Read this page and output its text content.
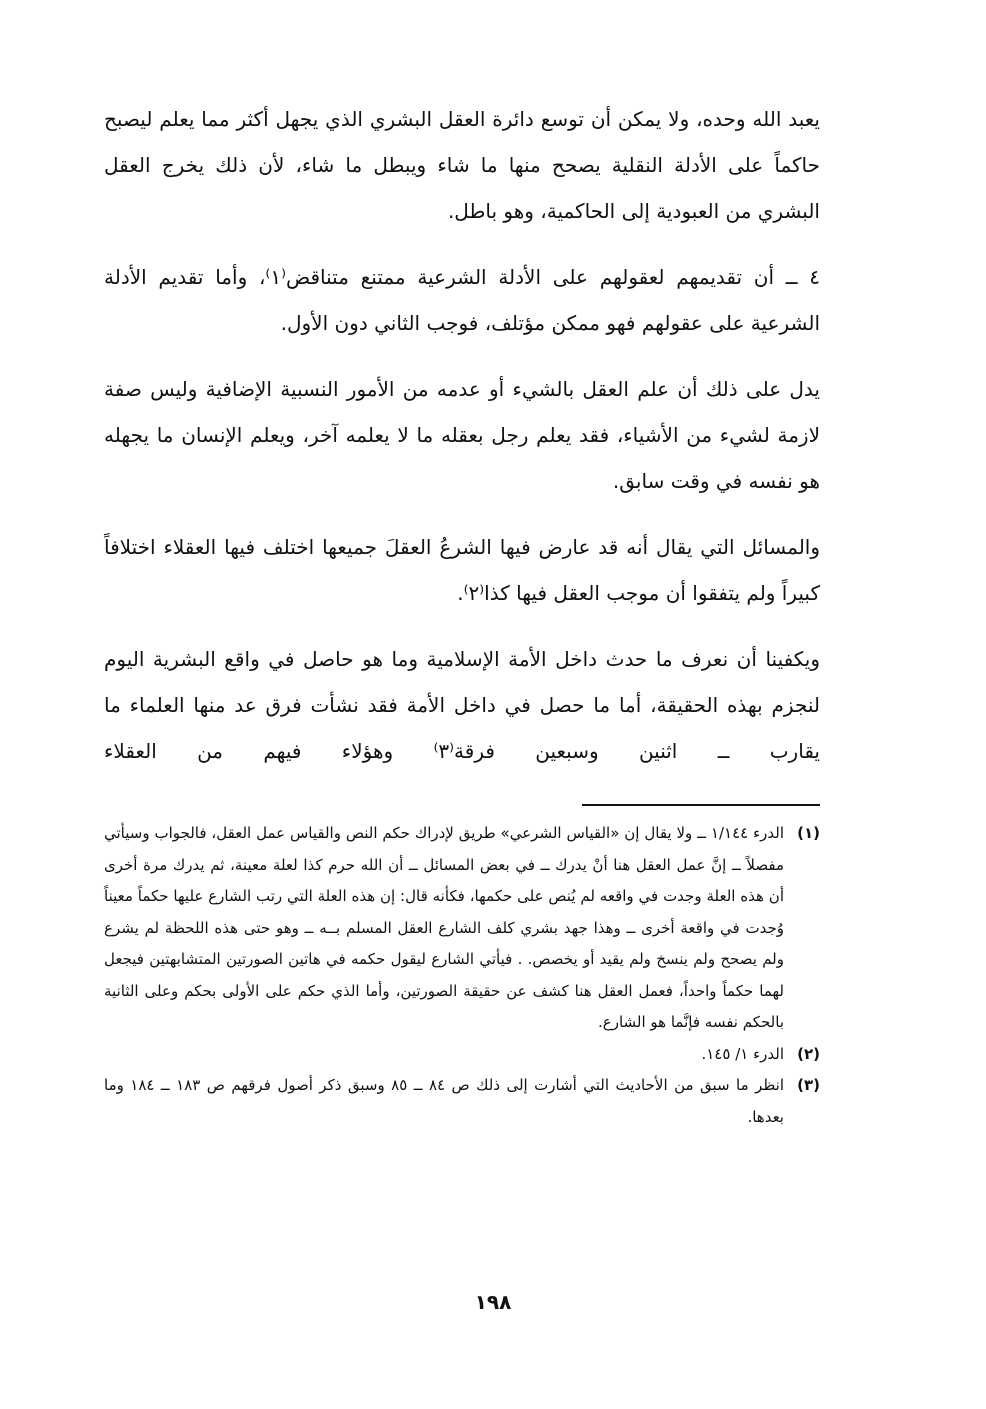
يعبد الله وحده، ولا يمكن أن توسع دائرة العقل البشري الذي يجهل أكثر مما يعلم ليصبح حاكماً على الأدلة النقلية يصحح منها ما شاء ويبطل ما شاء، لأن ذلك يخرج العقل البشري من العبودية إلى الحاكمية، وهو باطل.

٤ ــ أن تقديمهم لعقولهم على الأدلة الشرعية ممتنع متناقض⁽١⁾، وأما تقديم الأدلة الشرعية على عقولهم فهو ممكن مؤتلف، فوجب الثاني دون الأول.

يدل على ذلك أن علم العقل بالشيء أو عدمه من الأمور النسبية الإضافية وليس صفة لازمة لشيء من الأشياء، فقد يعلم رجل بعقله ما لا يعلمه آخر، ويعلم الإنسان ما يجهله هو نفسه في وقت سابق.

والمسائل التي يقال أنه قد عارض فيها الشرعُ العقلَ جميعها اختلف فيها العقلاء اختلافاً كبيراً ولم يتفقوا أن موجب العقل فيها كذا⁽٢⁾.

ويكفينا أن نعرف ما حدث داخل الأمة الإسلامية وما هو حاصل في واقع البشرية اليوم لنجزم بهذه الحقيقة، أما ما حصل في داخل الأمة فقد نشأت فرق عد منها العلماء ما يقارب ــ اثنين وسبعين فرقة⁽٣⁾ وهؤلاء فيهم من العقلاء

(١)
الدرء ١/١٤٤ ــ ولا يقال إن «القياس الشرعي» طريق لإدراك حكم النص والقياس عمل العقل، فالجواب وسيأتي مفصلاً ــ إنَّ عمل العقل هنا أنْ يدرك ــ في بعض المسائل ــ أن الله حرم كذا لعلة معينة، ثم يدرك مرة أخرى أن هذه العلة وجدت في واقعه لم يُنص على حكمها، فكأنه قال: إن هذه العلة التي رتب الشارع عليها حكماً معيناً وُجدت في واقعة أخرى ــ وهذا جهد بشري كلف الشارع العقل المسلم بــه ــ وهو حتى هذه اللحظة لم يشرع ولم يصحح ولم ينسخ ولم يقيد أو يخصص. . فيأتي الشارع ليقول حكمه في هاتين الصورتين المتشابهتين فيجعل لهما حكماً واحداً، فعمل العقل هنا كشف عن حقيقة الصورتين، وأما الذي حكم على الأولى بحكم وعلى الثانية بالحكم نفسه فإنَّما هو الشارع.
(٢)
الدرء ١/ ١٤٥.
(٣)
انظر ما سبق من الأحاديث التي أشارت إلى ذلك ص ٨٤ ــ ٨٥ وسبق ذكر أصول فرقهم ص ١٨٣ ــ ١٨٤ وما بعدها.
١٩٨
